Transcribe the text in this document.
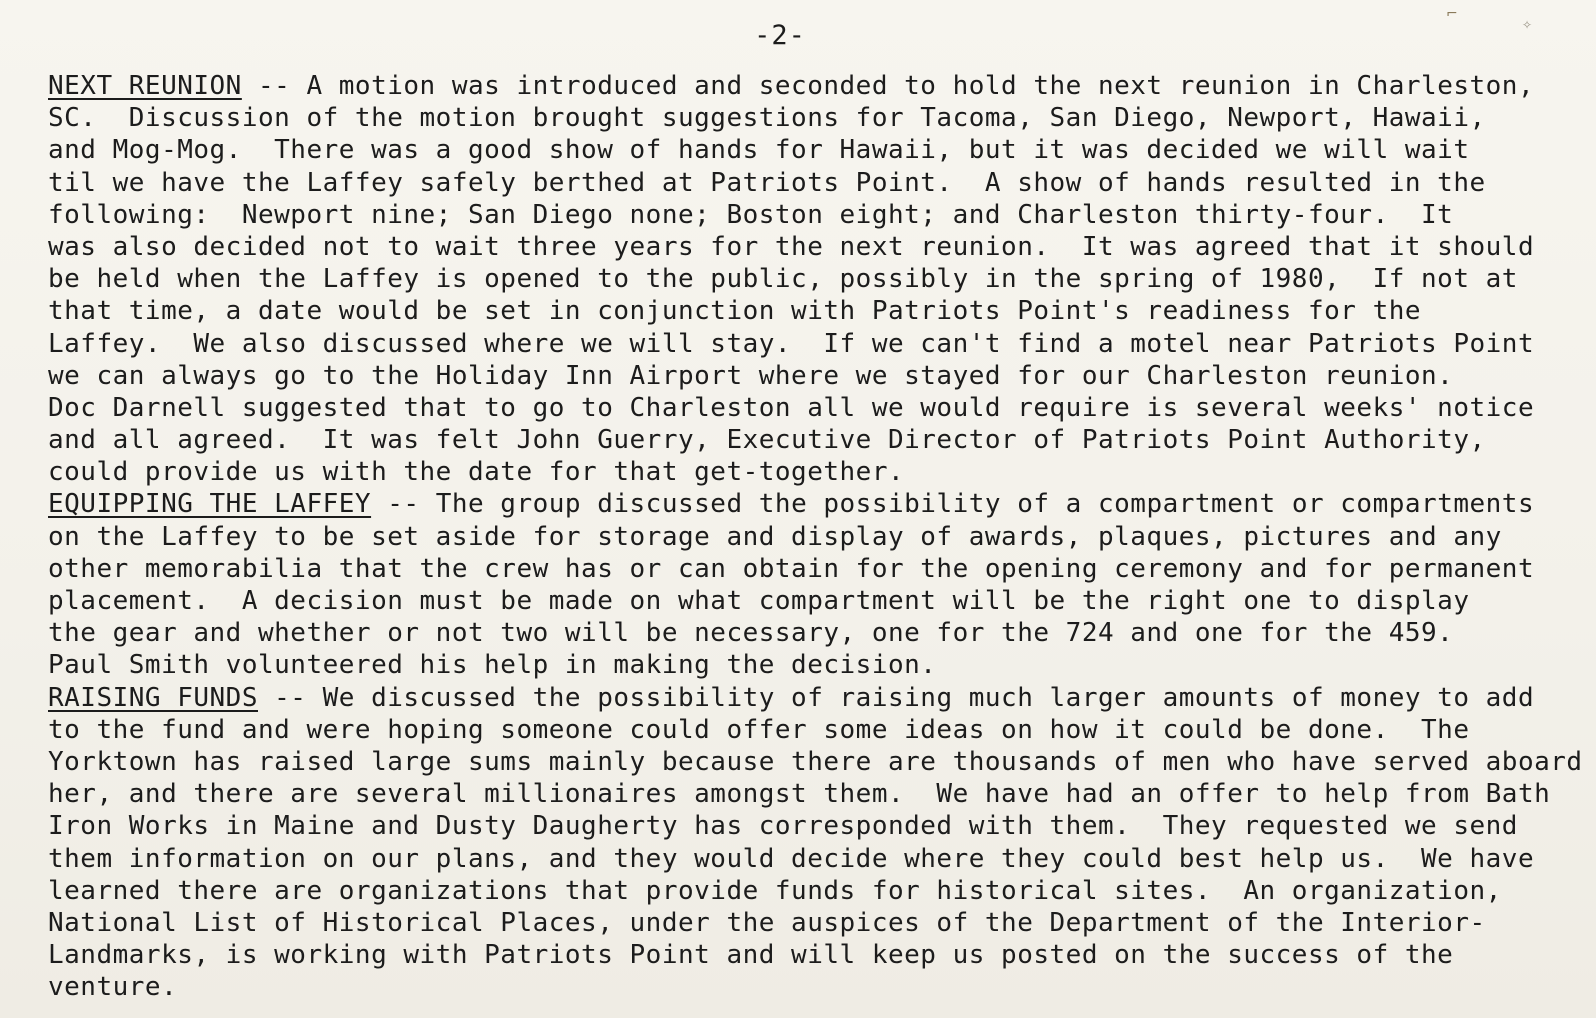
⌐
✧
-2-
NEXT REUNION -- A motion was introduced and seconded to hold the next reunion in Charleston,
SC.  Discussion of the motion brought suggestions for Tacoma, San Diego, Newport, Hawaii,
and Mog-Mog.  There was a good show of hands for Hawaii, but it was decided we will wait
til we have the Laffey safely berthed at Patriots Point.  A show of hands resulted in the
following:  Newport nine; San Diego none; Boston eight; and Charleston thirty-four.  It
was also decided not to wait three years for the next reunion.  It was agreed that it should
be held when the Laffey is opened to the public, possibly in the spring of 1980,  If not at
that time, a date would be set in conjunction with Patriots Point's readiness for the
Laffey.  We also discussed where we will stay.  If we can't find a motel near Patriots Point
we can always go to the Holiday Inn Airport where we stayed for our Charleston reunion.
Doc Darnell suggested that to go to Charleston all we would require is several weeks' notice
and all agreed.  It was felt John Guerry, Executive Director of Patriots Point Authority,
could provide us with the date for that get-together.
EQUIPPING THE LAFFEY -- The group discussed the possibility of a compartment or compartments
on the Laffey to be set aside for storage and display of awards, plaques, pictures and any
other memorabilia that the crew has or can obtain for the opening ceremony and for permanent
placement.  A decision must be made on what compartment will be the right one to display
the gear and whether or not two will be necessary, one for the 724 and one for the 459.
Paul Smith volunteered his help in making the decision.
RAISING FUNDS -- We discussed the possibility of raising much larger amounts of money to add
to the fund and were hoping someone could offer some ideas on how it could be done.  The
Yorktown has raised large sums mainly because there are thousands of men who have served aboard
her, and there are several millionaires amongst them.  We have had an offer to help from Bath
Iron Works in Maine and Dusty Daugherty has corresponded with them.  They requested we send
them information on our plans, and they would decide where they could best help us.  We have
learned there are organizations that provide funds for historical sites.  An organization,
National List of Historical Places, under the auspices of the Department of the Interior-
Landmarks, is working with Patriots Point and will keep us posted on the success of the
venture.
